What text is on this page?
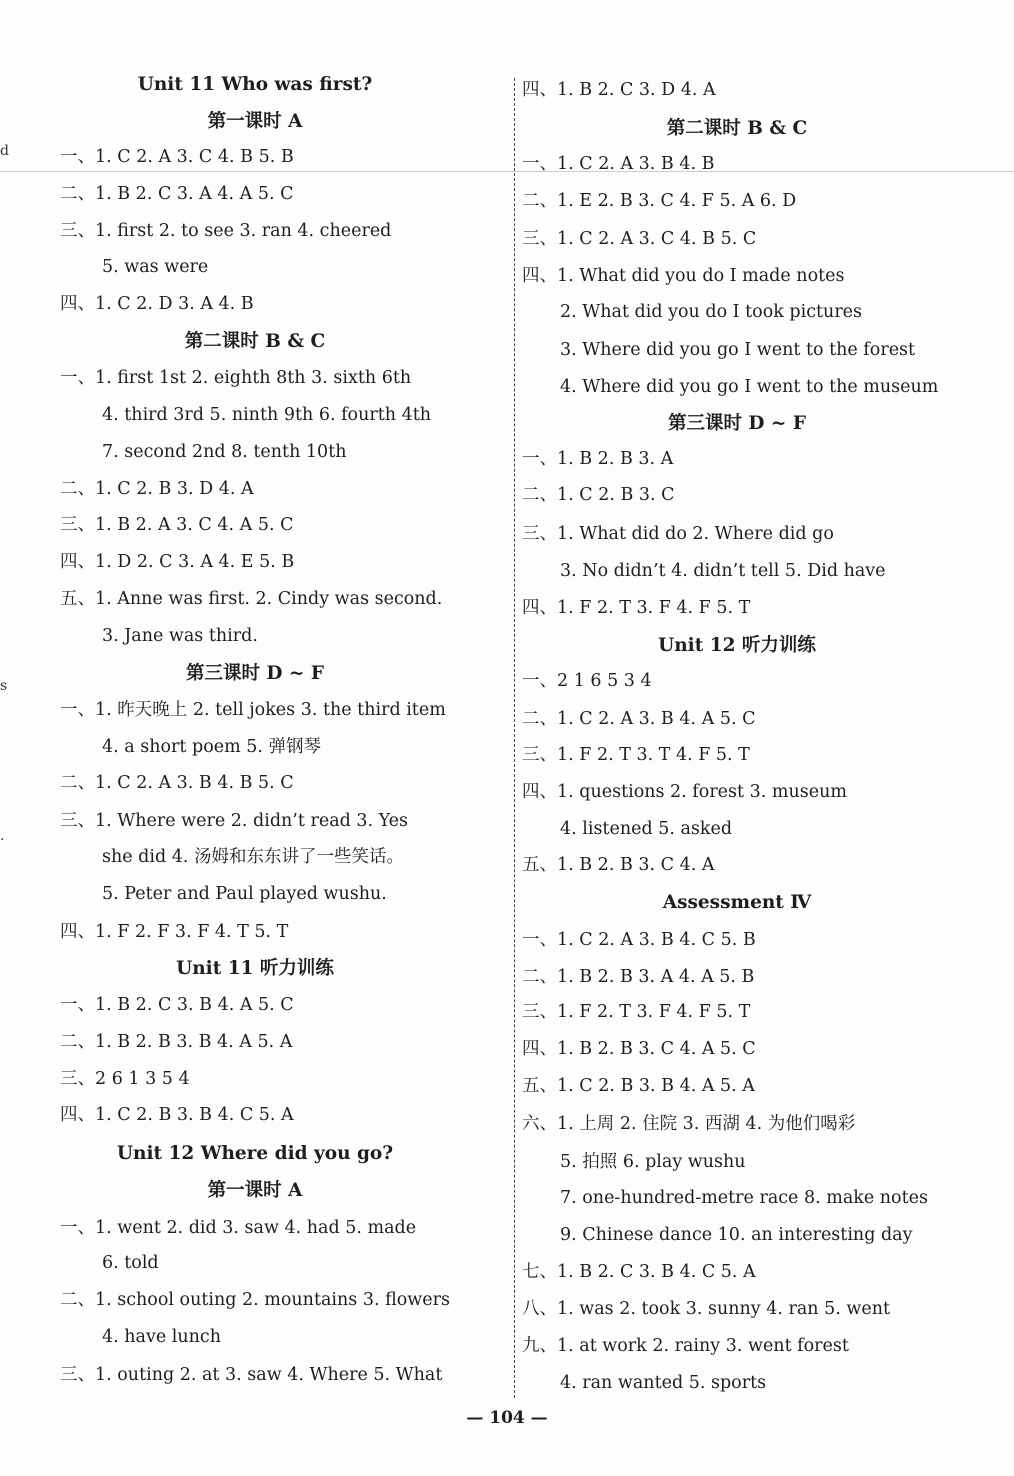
Unit 11 Who was first?
第一课时 A
一、1. C 2. A 3. C 4. B 5. B
二、1. B 2. C 3. A 4. A 5. C
三、1. first 2. to see 3. ran 4. cheered
5. was were
四、1. C 2. D 3. A 4. B
第二课时 B & C
一、1. first 1st 2. eighth 8th 3. sixth 6th
4. third 3rd 5. ninth 9th 6. fourth 4th
7. second 2nd 8. tenth 10th
二、1. C 2. B 3. D 4. A
三、1. B 2. A 3. C 4. A 5. C
四、1. D 2. C 3. A 4. E 5. B
五、1. Anne was first. 2. Cindy was second.
3. Jane was third.
第三课时 D ~ F
一、1. 昨天晚上 2. tell jokes 3. the third item
4. a short poem 5. 弹钢琴
二、1. C 2. A 3. B 4. B 5. C
三、1. Where were 2. didn’t read 3. Yes
she did 4. 汤姆和东东讲了一些笑话。
5. Peter and Paul played wushu.
四、1. F 2. F 3. F 4. T 5. T
Unit 11 听力训练
一、1. B 2. C 3. B 4. A 5. C
二、1. B 2. B 3. B 4. A 5. A
三、2 6 1 3 5 4
四、1. C 2. B 3. B 4. C 5. A
Unit 12 Where did you go?
第一课时 A
一、1. went 2. did 3. saw 4. had 5. made
6. told
二、1. school outing 2. mountains 3. flowers
4. have lunch
三、1. outing 2. at 3. saw 4. Where 5. What
四、1. B 2. C 3. D 4. A
第二课时 B & C
一、1. C 2. A 3. B 4. B
二、1. E 2. B 3. C 4. F 5. A 6. D
三、1. C 2. A 3. C 4. B 5. C
四、1. What did you do I made notes
2. What did you do I took pictures
3. Where did you go I went to the forest
4. Where did you go I went to the museum
第三课时 D ~ F
一、1. B 2. B 3. A
二、1. C 2. B 3. C
三、1. What did do 2. Where did go
3. No didn’t 4. didn’t tell 5. Did have
四、1. F 2. T 3. F 4. F 5. T
Unit 12 听力训练
一、2 1 6 5 3 4
二、1. C 2. A 3. B 4. A 5. C
三、1. F 2. T 3. T 4. F 5. T
四、1. questions 2. forest 3. museum
4. listened 5. asked
五、1. B 2. B 3. C 4. A
Assessment Ⅳ
一、1. C 2. A 3. B 4. C 5. B
二、1. B 2. B 3. A 4. A 5. B
三、1. F 2. T 3. F 4. F 5. T
四、1. B 2. B 3. C 4. A 5. C
五、1. C 2. B 3. B 4. A 5. A
六、1. 上周 2. 住院 3. 西湖 4. 为他们喝彩
5. 拍照 6. play wushu
7. one-hundred-metre race 8. make notes
9. Chinese dance 10. an interesting day
七、1. B 2. C 3. B 4. C 5. A
八、1. was 2. took 3. sunny 4. ran 5. went
九、1. at work 2. rainy 3. went forest
4. ran wanted 5. sports
d
s
.
— 104 —
